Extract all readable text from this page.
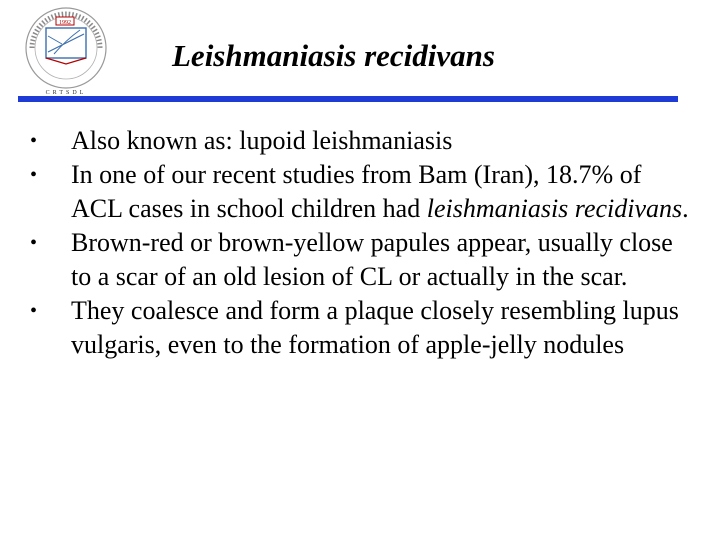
1992
CRTSDL
Leishmaniasis recidivans
• Also known as: lupoid leishmaniasis
• In one of our recent studies from Bam (Iran), 18.7% of ACL cases in school children had leishmaniasis recidivans.
• Brown-red or brown-yellow papules appear, usually close to a scar of an old lesion of CL or actually in the scar.
• They coalesce and form a plaque closely resembling lupus vulgaris, even to the formation of apple-jelly nodules
